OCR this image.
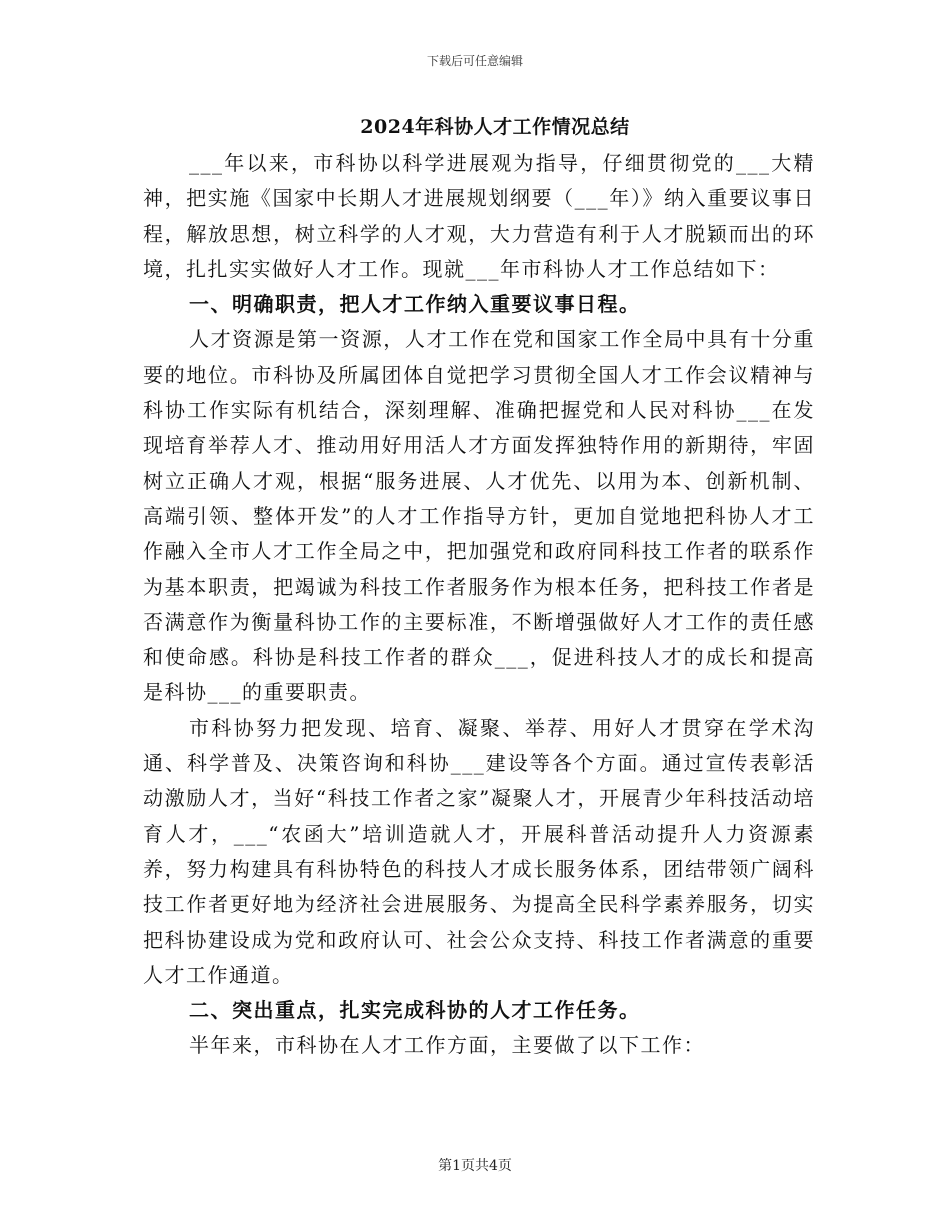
下载后可任意编辑
2024年科协人才工作情况总结

___年以来，市科协以科学进展观为指导，仔细贯彻党的___大精神，把实施《国家中长期人才进展规划纲要（___年）》纳入重要议事日程，解放思想，树立科学的人才观，大力营造有利于人才脱颖而出的环境，扎扎实实做好人才工作。现就___年市科协人才工作总结如下：

一、明确职责，把人才工作纳入重要议事日程。

人才资源是第一资源，人才工作在党和国家工作全局中具有十分重要的地位。市科协及所属团体自觉把学习贯彻全国人才工作会议精神与科协工作实际有机结合，深刻理解、准确把握党和人民对科协___在发现培育举荐人才、推动用好用活人才方面发挥独特作用的新期待，牢固树立正确人才观，根据“服务进展、人才优先、以用为本、创新机制、高端引领、整体开发”的人才工作指导方针，更加自觉地把科协人才工作融入全市人才工作全局之中，把加强党和政府同科技工作者的联系作为基本职责，把竭诚为科技工作者服务作为根本任务，把科技工作者是否满意作为衡量科协工作的主要标准，不断增强做好人才工作的责任感和使命感。科协是科技工作者的群众___，促进科技人才的成长和提高是科协___的重要职责。

市科协努力把发现、培育、凝聚、举荐、用好人才贯穿在学术沟通、科学普及、决策咨询和科协___建设等各个方面。通过宣传表彰活动激励人才，当好“科技工作者之家”凝聚人才，开展青少年科技活动培育人才，___“农函大”培训造就人才，开展科普活动提升人力资源素养，努力构建具有科协特色的科技人才成长服务体系，团结带领广阔科技工作者更好地为经济社会进展服务、为提高全民科学素养服务，切实把科协建设成为党和政府认可、社会公众支持、科技工作者满意的重要人才工作通道。

二、突出重点，扎实完成科协的人才工作任务。

半年来，市科协在人才工作方面，主要做了以下工作：

第1页共4页
